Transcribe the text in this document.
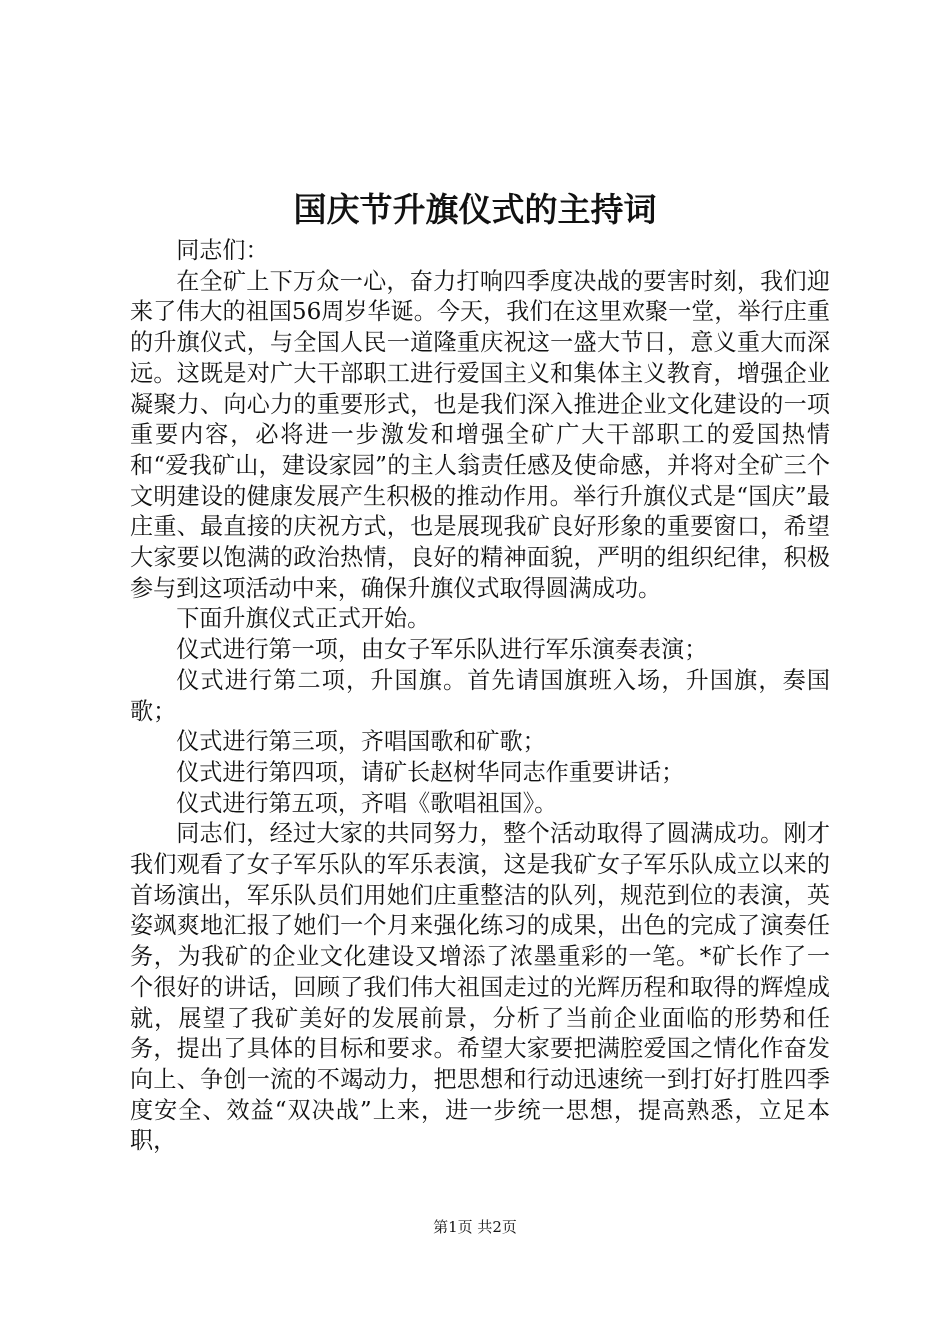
国庆节升旗仪式的主持词

同志们：

在全矿上下万众一心，奋力打响四季度决战的要害时刻，我们迎来了伟大的祖国56周岁华诞。今天，我们在这里欢聚一堂，举行庄重的升旗仪式，与全国人民一道隆重庆祝这一盛大节日，意义重大而深远。这既是对广大干部职工进行爱国主义和集体主义教育，增强企业凝聚力、向心力的重要形式，也是我们深入推进企业文化建设的一项重要内容，必将进一步激发和增强全矿广大干部职工的爱国热情和“爱我矿山，建设家园”的主人翁责任感及使命感，并将对全矿三个文明建设的健康发展产生积极的推动作用。举行升旗仪式是“国庆”最庄重、最直接的庆祝方式，也是展现我矿良好形象的重要窗口，希望大家要以饱满的政治热情，良好的精神面貌，严明的组织纪律，积极参与到这项活动中来，确保升旗仪式取得圆满成功。

下面升旗仪式正式开始。

仪式进行第一项，由女子军乐队进行军乐演奏表演；

仪式进行第二项，升国旗。首先请国旗班入场，升国旗，奏国歌；

仪式进行第三项，齐唱国歌和矿歌；

仪式进行第四项，请矿长赵树华同志作重要讲话；

仪式进行第五项，齐唱《歌唱祖国》。

同志们，经过大家的共同努力，整个活动取得了圆满成功。刚才我们观看了女子军乐队的军乐表演，这是我矿女子军乐队成立以来的首场演出，军乐队员们用她们庄重整洁的队列，规范到位的表演，英姿飒爽地汇报了她们一个月来强化练习的成果，出色的完成了演奏任务，为我矿的企业文化建设又增添了浓墨重彩的一笔。*矿长作了一个很好的讲话，回顾了我们伟大祖国走过的光辉历程和取得的辉煌成就，展望了我矿美好的发展前景，分析了当前企业面临的形势和任务，提出了具体的目标和要求。希望大家要把满腔爱国之情化作奋发向上、争创一流的不竭动力，把思想和行动迅速统一到打好打胜四季度安全、效益“双决战”上来，进一步统一思想，提高熟悉，立足本职，

第1页 共2页
